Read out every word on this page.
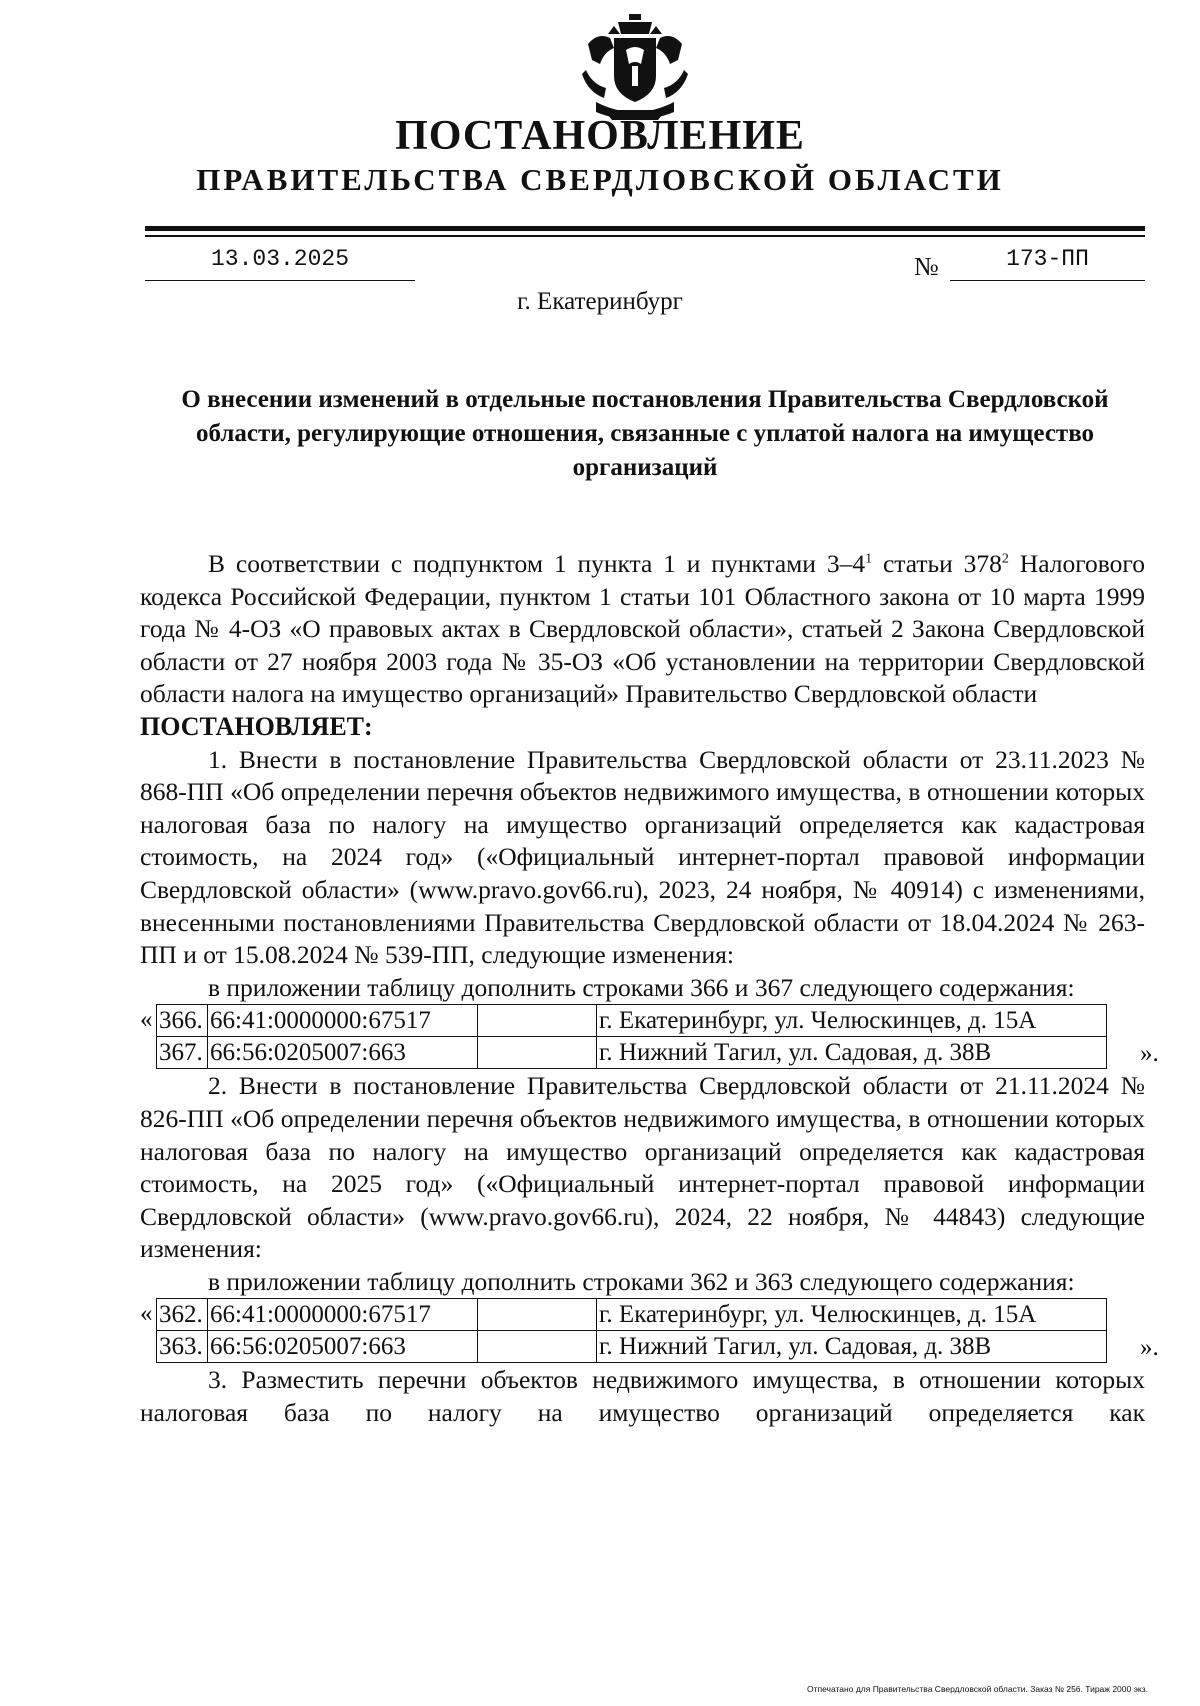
ПОСТАНОВЛЕНИЕ
ПРАВИТЕЛЬСТВА СВЕРДЛОВСКОЙ ОБЛАСТИ
13.03.2025	№	173-ПП
г. Екатеринбург
О внесении изменений в отдельные постановления Правительства Свердловской области, регулирующие отношения, связанные с уплатой налога на имущество организаций

В соответствии с подпунктом 1 пункта 1 и пунктами $3-4^1$ статьи $378^2$ Налогового кодекса Российской Федерации, пунктом 1 статьи 101 Областного закона от 10 марта 1999 года № 4-ОЗ «О правовых актах в Свердловской области», статьей 2 Закона Свердловской области от 27 ноября 2003 года № 35-ОЗ «Об установлении на территории Свердловской области налога на имущество организаций» Правительство Свердловской области

ПОСТАНОВЛЯЕТ:

1. Внести в постановление Правительства Свердловской области от 23.11.2023 № 868-ПП «Об определении перечня объектов недвижимого имущества, в отношении которых налоговая база по налогу на имущество организаций определяется как кадастровая стоимость, на 2024 год» («Официальный интернет-портал правовой информации Свердловской области» (www.pravo.gov66.ru), 2023, 24 ноября, № 40914) с изменениями, внесенными постановлениями Правительства Свердловской области от 18.04.2024 № 263-ПП и от 15.08.2024 № 539-ПП, следующие изменения:

в приложении таблицу дополнить строками 366 и 367 следующего содержания:

« 366.	66:41:0000000:67517		г. Екатеринбург, ул. Челюскинцев, д. 15А
367.	66:56:0205007:663		г. Нижний Тагил, ул. Садовая, д. 38В	».

2. Внести в постановление Правительства Свердловской области от 21.11.2024 № 826-ПП «Об определении перечня объектов недвижимого имущества, в отношении которых налоговая база по налогу на имущество организаций определяется как кадастровая стоимость, на 2025 год» («Официальный интернет-портал правовой информации Свердловской области» (www.pravo.gov66.ru), 2024, 22 ноября, № 44843) следующие изменения:

в приложении таблицу дополнить строками 362 и 363 следующего содержания:

« 362.	66:41:0000000:67517		г. Екатеринбург, ул. Челюскинцев, д. 15А
363.	66:56:0205007:663		г. Нижний Тагил, ул. Садовая, д. 38В	».

3. Разместить перечни объектов недвижимого имущества, в отношении которых налоговая база по налогу на имущество организаций определяется как

Отпечатано для Правительства Свердловской области. Заказ № 256. Тираж 2000 экз.
